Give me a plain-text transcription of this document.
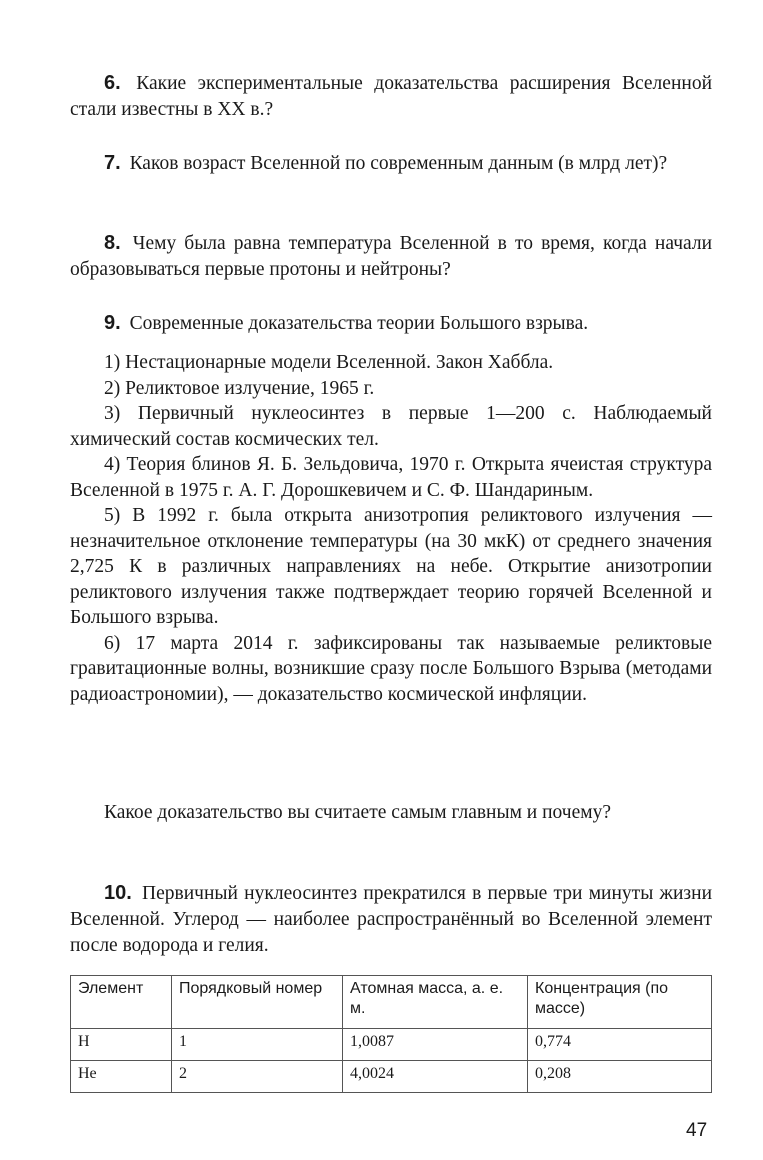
6. Какие экспериментальные доказательства расширения Вселенной стали известны в XX в.?

7. Каков возраст Вселенной по современным данным (в млрд лет)?

8. Чему была равна температура Вселенной в то время, когда начали образовываться первые протоны и нейтроны?

9. Современные доказательства теории Большого взрыва.

1) Нестационарные модели Вселенной. Закон Хаббла.

2) Реликтовое излучение, 1965 г.

3) Первичный нуклеосинтез в первые 1—200 с. Наблюдаемый химический состав космических тел.

4) Теория блинов Я. Б. Зельдовича, 1970 г. Открыта ячеистая структура Вселенной в 1975 г. А. Г. Дорошкевичем и С. Ф. Шандариным.

5) В 1992 г. была открыта анизотропия реликтового излучения — незначительное отклонение температуры (на 30 мкК) от среднего значения 2,725 К в различных направлениях на небе. Открытие анизотропии реликтового излучения также подтверждает теорию горячей Вселенной и Большого взрыва.

6) 17 марта 2014 г. зафиксированы так называемые реликтовые гравитационные волны, возникшие сразу после Большого Взрыва (методами радиоастрономии), — доказательство космической инфляции.

Какое доказательство вы считаете самым главным и почему?

10. Первичный нуклеосинтез прекратился в первые три минуты жизни Вселенной. Углерод — наиболее распространённый во Вселенной элемент после водорода и гелия.

Элемент	Порядковый номер	Атомная масса, а. е. м.	Концентрация (по массе)
H	1	1,0087	0,774
He	2	4,0024	0,208
47
